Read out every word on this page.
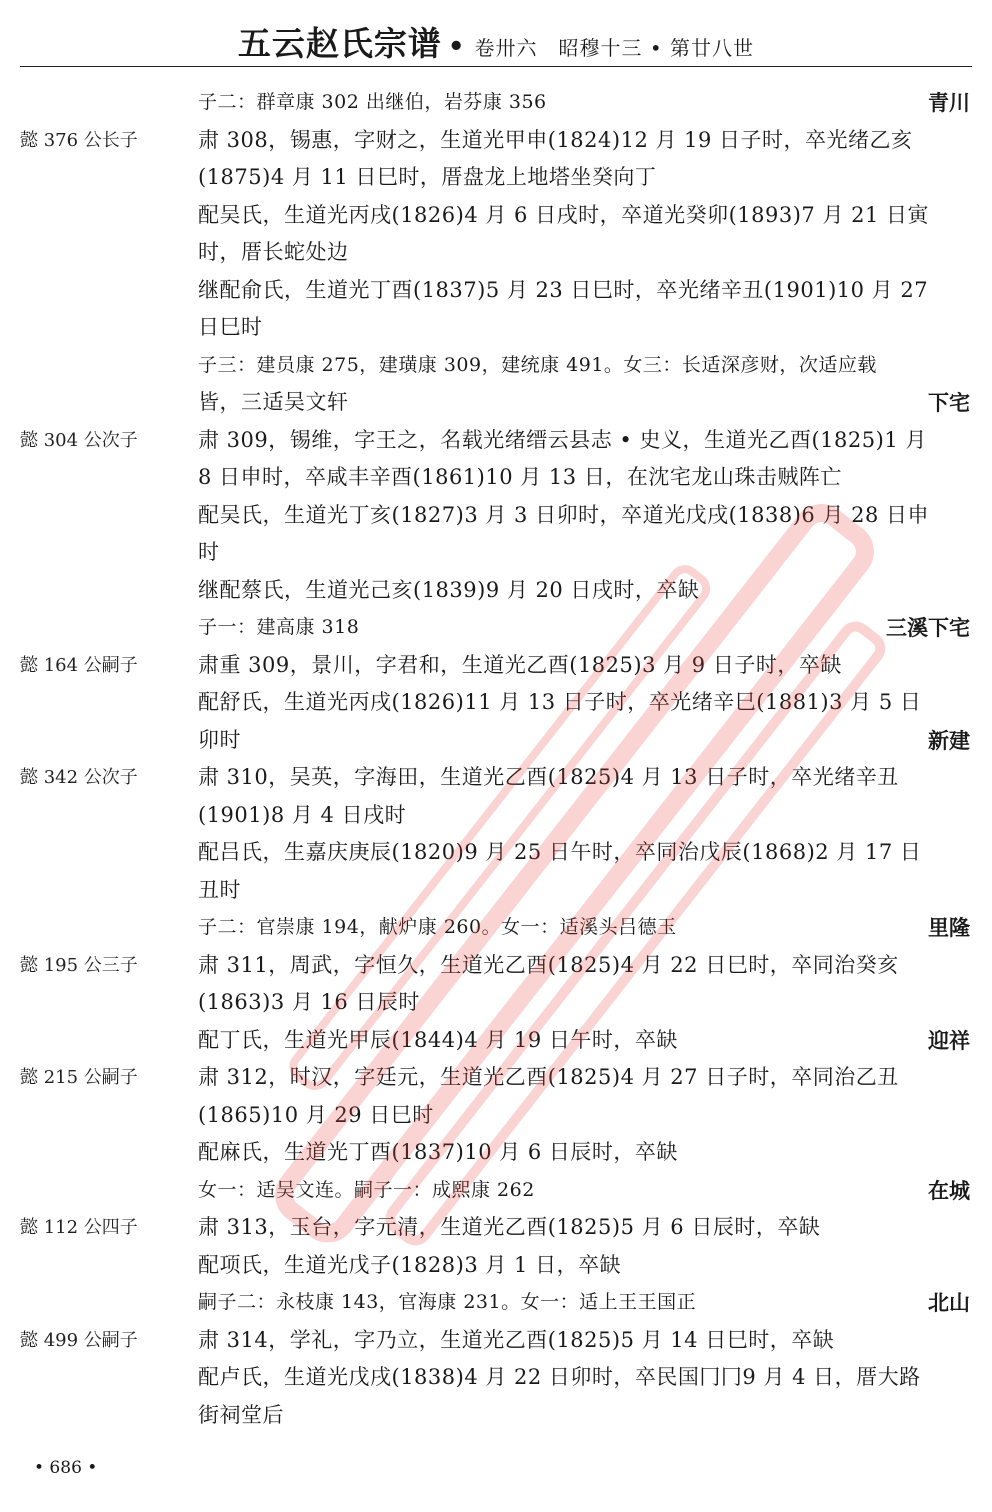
五云赵氏宗谱 • 卷卅六　昭穆十三 • 第廿八世
子二：群章康 302 出继伯，岩芬康 356	青川
懿 376 公长子	肃 308，锡惠，字财之，生道光甲申(1824)12 月 19 日子时，卒光绪乙亥
(1875)4 月 11 日巳时，厝盘龙上地塔坐癸向丁
配吴氏，生道光丙戌(1826)4 月 6 日戌时，卒道光癸卯(1893)7 月 21 日寅
时，厝长蛇处边
继配俞氏，生道光丁酉(1837)5 月 23 日巳时，卒光绪辛丑(1901)10 月 27
日巳时
子三：建员康 275，建璜康 309，建统康 491。女三：长适深彦财，次适应载
皆，三适吴文轩	下宅
懿 304 公次子	肃 309，锡维，字王之，名载光绪缙云县志 • 史义，生道光乙酉(1825)1 月
8 日申时，卒咸丰辛酉(1861)10 月 13 日，在沈宅龙山珠击贼阵亡
配吴氏，生道光丁亥(1827)3 月 3 日卯时，卒道光戊戌(1838)6 月 28 日申
时
继配蔡氏，生道光己亥(1839)9 月 20 日戌时，卒缺
子一：建高康 318	三溪下宅
懿 164 公嗣子	肃重 309，景川，字君和，生道光乙酉(1825)3 月 9 日子时，卒缺
配舒氏，生道光丙戌(1826)11 月 13 日子时，卒光绪辛巳(1881)3 月 5 日
卯时	新建
懿 342 公次子	肃 310，吴英，字海田，生道光乙酉(1825)4 月 13 日子时，卒光绪辛丑
(1901)8 月 4 日戌时
配吕氏，生嘉庆庚辰(1820)9 月 25 日午时，卒同治戊辰(1868)2 月 17 日
丑时
子二：官崇康 194，献炉康 260。女一：适溪头吕德玉	里隆
懿 195 公三子	肃 311，周武，字恒久，生道光乙酉(1825)4 月 22 日巳时，卒同治癸亥
(1863)3 月 16 日辰时
配丁氏，生道光甲辰(1844)4 月 19 日午时，卒缺	迎祥
懿 215 公嗣子	肃 312，时汉，字廷元，生道光乙酉(1825)4 月 27 日子时，卒同治乙丑
(1865)10 月 29 日巳时
配麻氏，生道光丁酉(1837)10 月 6 日辰时，卒缺
女一：适吴文连。嗣子一：成熙康 262	在城
懿 112 公四子	肃 313，玉台，字元清，生道光乙酉(1825)5 月 6 日辰时，卒缺
配项氏，生道光戊子(1828)3 月 1 日，卒缺
嗣子二：永枝康 143，官海康 231。女一：适上王王国正	北山
懿 499 公嗣子	肃 314，学礼，字乃立，生道光乙酉(1825)5 月 14 日巳时，卒缺
配卢氏，生道光戊戌(1838)4 月 22 日卯时，卒民国冂冂9 月 4 日，厝大路
街祠堂后
• 686 •
